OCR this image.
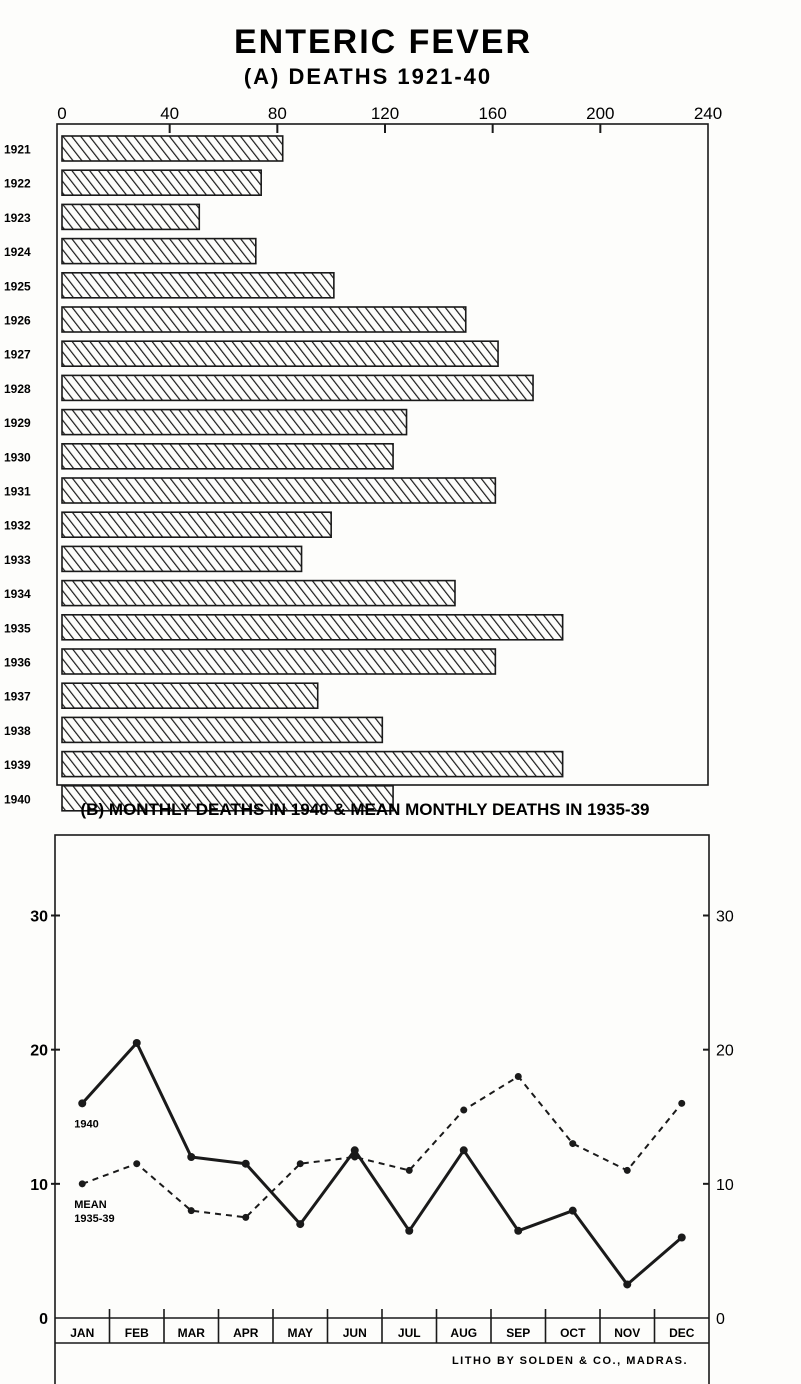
ENTERIC FEVER
(A) DEATHS 1921-40
0	40	80	120	160	200	240
1921
1922
1923
1924
1925
1926
1927
1928
1929
1930
1931
1932
1933
1934
1935
1936
1937
1938
1939
1940
(B) MONTHLY DEATHS IN 1940 & MEAN MONTHLY DEATHS IN 1935-39
JAN	FEB MAR APR MAY JUN	JUL AUG SEP OCT NOV DEC
0	0
10	10
20	20
30	30
1940
MEAN
1935-39
LITHO BY SOLDEN & CO., MADRAS.
